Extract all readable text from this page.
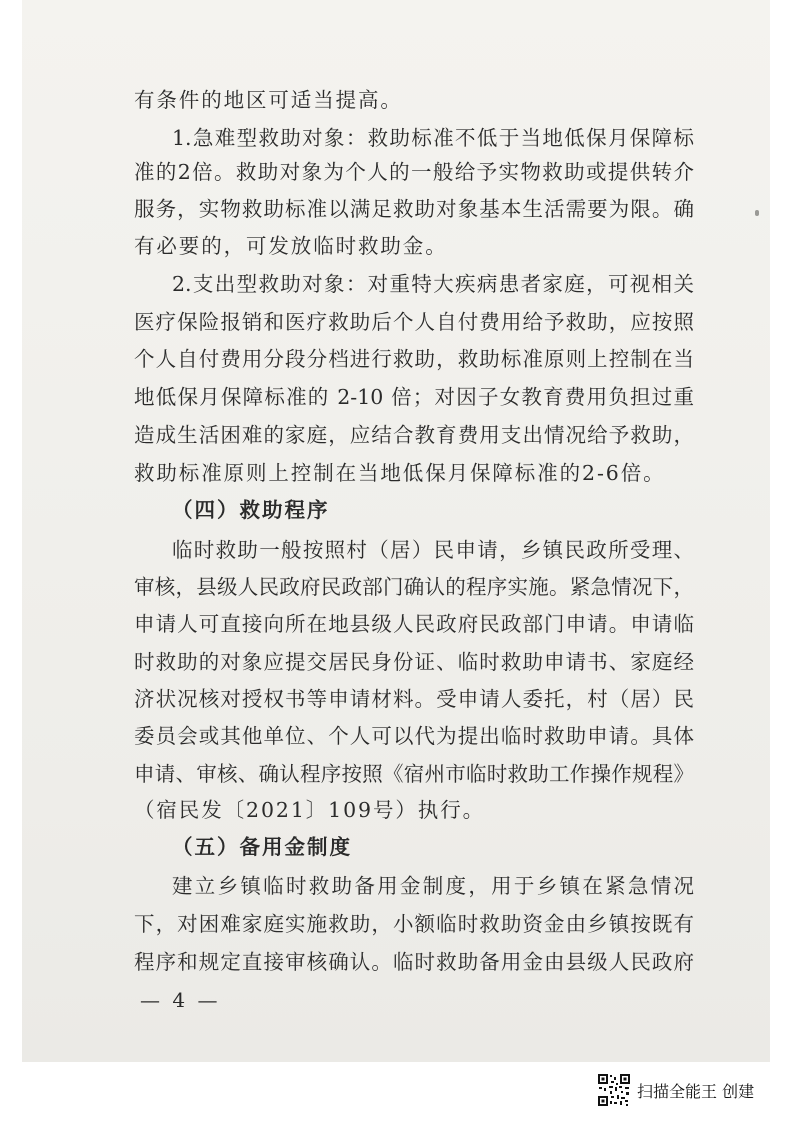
有条件的地区可适当提高。
1.急难型救助对象：救助标准不低于当地低保月保障标
准的2倍。救助对象为个人的一般给予实物救助或提供转介
服务，实物救助标准以满足救助对象基本生活需要为限。确
有必要的，可发放临时救助金。
2.支出型救助对象：对重特大疾病患者家庭，可视相关
医疗保险报销和医疗救助后个人自付费用给予救助，应按照
个人自付费用分段分档进行救助，救助标准原则上控制在当
地低保月保障标准的 2-10 倍；对因子女教育费用负担过重
造成生活困难的家庭，应结合教育费用支出情况给予救助，
救助标准原则上控制在当地低保月保障标准的2-6倍。
（四）救助程序
临时救助一般按照村（居）民申请，乡镇民政所受理、
审核，县级人民政府民政部门确认的程序实施。紧急情况下，
申请人可直接向所在地县级人民政府民政部门申请。申请临
时救助的对象应提交居民身份证、临时救助申请书、家庭经
济状况核对授权书等申请材料。受申请人委托，村（居）民
委员会或其他单位、个人可以代为提出临时救助申请。具体
申请、审核、确认程序按照《宿州市临时救助工作操作规程》
（宿民发〔2021〕109号）执行。
（五）备用金制度
建立乡镇临时救助备用金制度，用于乡镇在紧急情况
下，对困难家庭实施救助，小额临时救助资金由乡镇按既有
程序和规定直接审核确认。临时救助备用金由县级人民政府
— 4 —
扫描全能王 创建
